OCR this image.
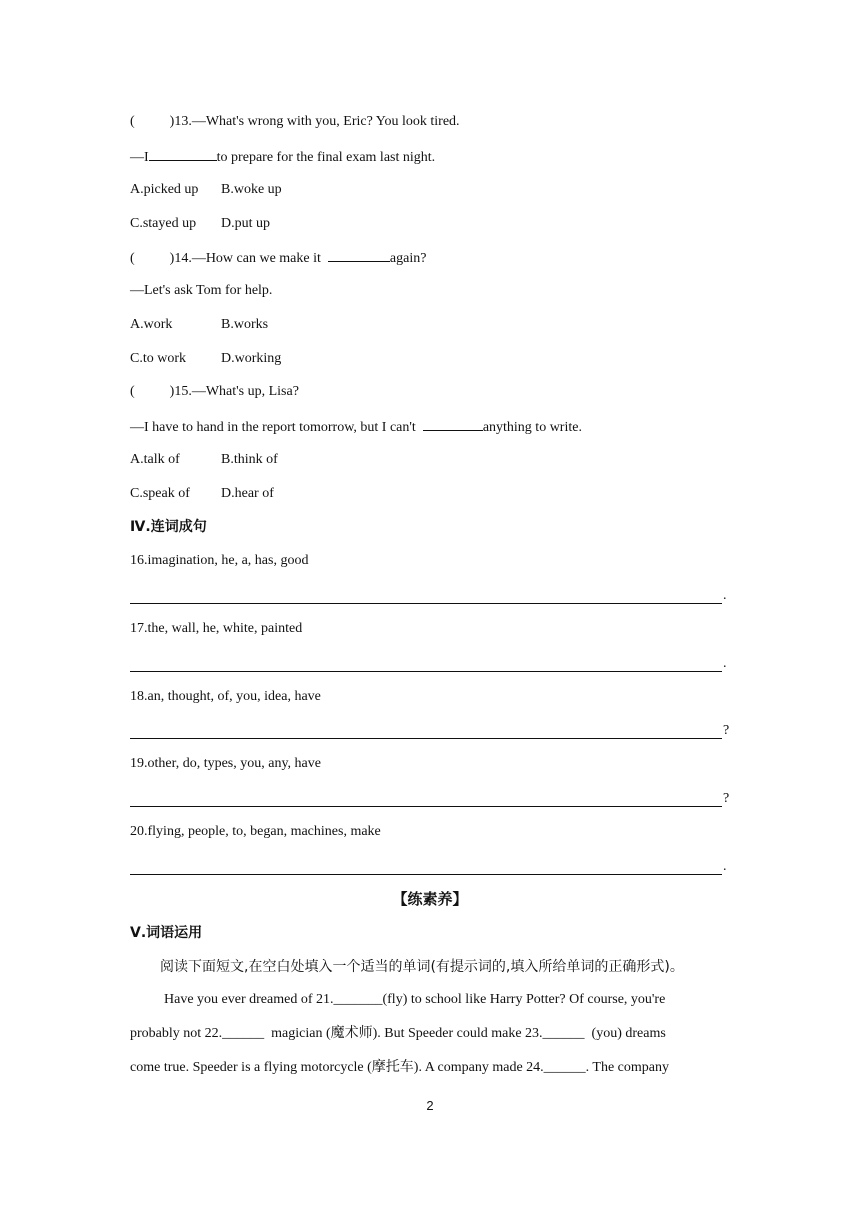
(          )13.—What's wrong with you, Eric? You look tired.
—I	to prepare for the final exam last night.
A.picked up B.woke up
C.stayed up D.put up
(          )14.—How can we make it	again?
—Let's ask Tom for help.
A.work	B.works
C.to work	D.working
(          )15.—What's up, Lisa?
—I have to hand in the report tomorrow, but I can't	anything to write.
A.talk of	B.think of
C.speak of D.hear of
Ⅳ.连词成句
16.imagination, he, a, has, good
.
17.the, wall, he, white, painted
.
18.an, thought, of, you, idea, have
?
19.other, do, types, you, any, have
?
20.flying, people, to, began, machines, make
.
【练素养】
Ⅴ.词语运用
阅读下面短文,在空白处填入一个适当的单词(有提示词的,填入所给单词的正确形式)。
Have you ever dreamed of 21._______(fly) to school like Harry Potter? Of course, you're
probably not 22.______  magician (魔术师). But Speeder could make 23.______  (you) dreams
come true. Speeder is a flying motorcycle (摩托车). A company made 24.______. The company
2
